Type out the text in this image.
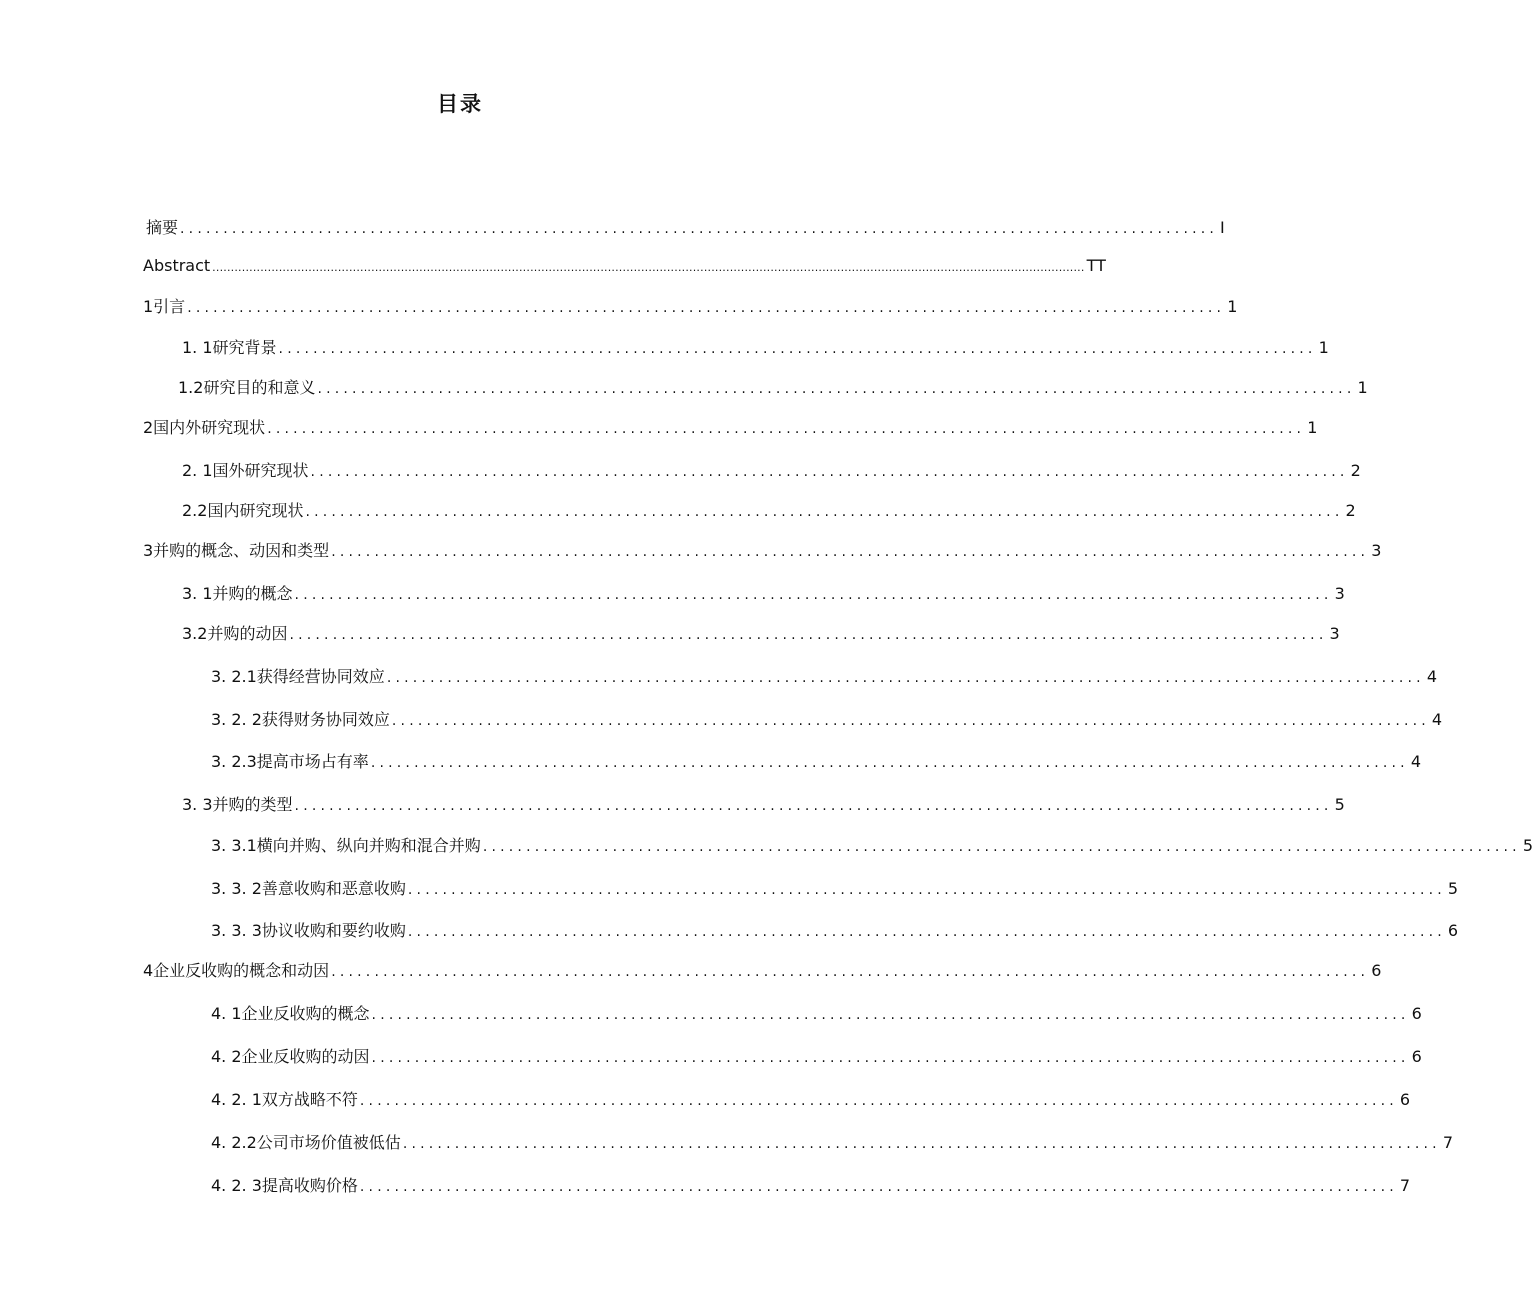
目录
摘要 ........................................................................................................................ I
Abstract ............................................................................................................................................................................................................................................ TT
1引言 ........................................................................................................................ 1
1. 1研究背景 ........................................................................................................................ 1
1.2研究目的和意义 ........................................................................................................................ 1
2国内外研究现状 ........................................................................................................................ 1
2. 1国外研究现状 ........................................................................................................................ 2
2.2国内研究现状 ........................................................................................................................ 2
3并购的概念、动因和类型 ........................................................................................................................ 3
3. 1并购的概念 ........................................................................................................................ 3
3.2并购的动因 ........................................................................................................................ 3
3. 2.1获得经营协同效应 ........................................................................................................................ 4
3. 2. 2获得财务协同效应 ........................................................................................................................ 4
3. 2.3提高市场占有率 ........................................................................................................................ 4
3. 3并购的类型 ........................................................................................................................ 5
3. 3.1横向并购、纵向并购和混合并购 ........................................................................................................................ 5
3. 3. 2善意收购和恶意收购 ........................................................................................................................ 5
3. 3. 3协议收购和要约收购 ........................................................................................................................ 6
4企业反收购的概念和动因 ........................................................................................................................ 6
4. 1企业反收购的概念 ........................................................................................................................ 6
4. 2企业反收购的动因 ........................................................................................................................ 6
4. 2. 1双方战略不符 ........................................................................................................................ 6
4. 2.2公司市场价值被低估 ........................................................................................................................ 7
4. 2. 3提高收购价格 ........................................................................................................................ 7
